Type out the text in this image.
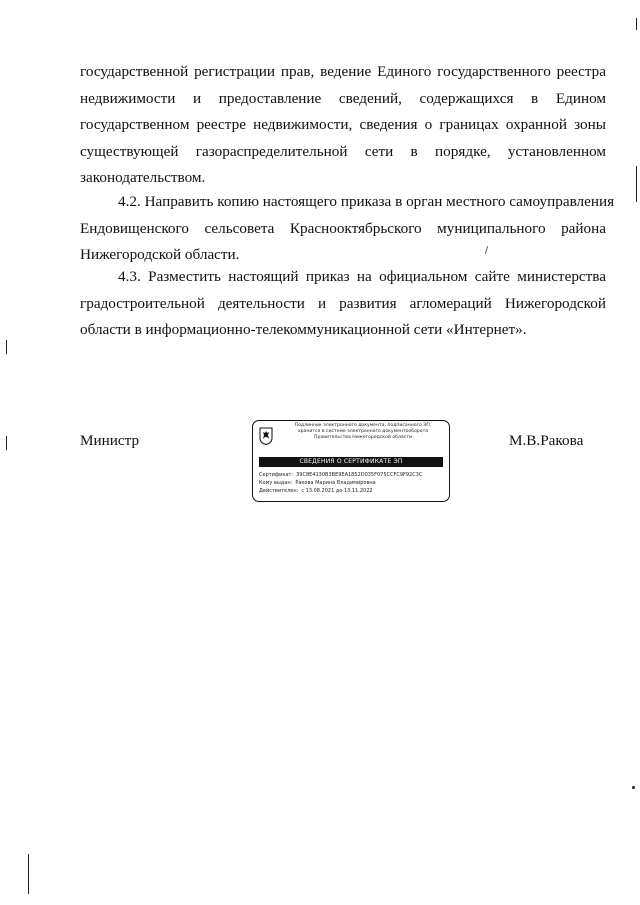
государственной регистрации прав, ведение Единого государственного реестра
недвижимости и предоставление сведений, содержащихся в Едином
государственном реестре недвижимости, сведения о границах охранной зоны
существующей газораспределительной сети в порядке, установленном
законодательством.
4.2. Направить копию настоящего приказа в орган местного самоуправления
Ендовищенского сельсовета Краснооктябрьского муниципального района
Нижегородской области.
4.3. Разместить настоящий приказ на официальном сайте министерства
градостроительной деятельности и развития агломераций Нижегородской
области в информационно-телекоммуникационной сети «Интернет».
Министр
Подлинник электронного документа, подписанного ЭП,
хранится в системе электронного документооборота
Правительства Нижегородской области
СВЕДЕНИЯ О СЕРТИФИКАТЕ ЭП
Сертификат: 39C8E4130B3BE9EA1852D035F075CCFC9F92C3C
Кому выдан: Ракова Марина Владимировна
Действителен: с 13.08.2021 до 13.11.2022
М.В.Ракова
